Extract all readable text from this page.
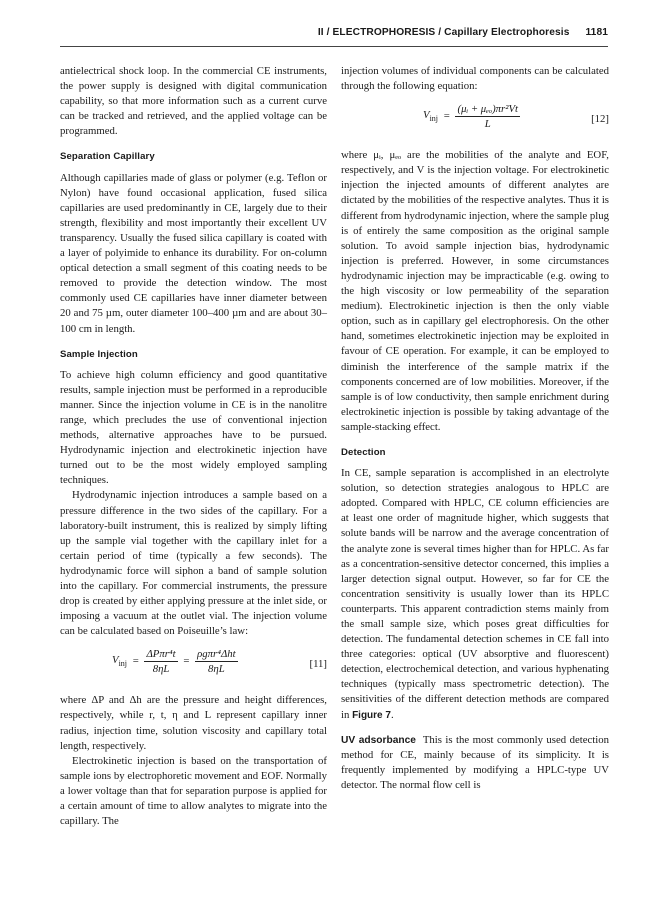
II / ELECTROPHORESIS / Capillary Electrophoresis 1181

antielectrical shock loop. In the commercial CE instruments, the power supply is designed with digital communication capability, so that more information such as a current curve can be tracked and retrieved, and the applied voltage can be programmed.

Separation Capillary

Although capillaries made of glass or polymer (e.g. Teflon or Nylon) have found occasional application, fused silica capillaries are used predominantly in CE, largely due to their strength, flexibility and most importantly their excellent UV transparency. Usually the fused silica capillary is coated with a layer of polyimide to enhance its durability. For on-column optical detection a small segment of this coating needs to be removed to provide the detection window. The most commonly used CE capillaries have inner diameter between 20 and 75 µm, outer diameter 100–400 µm and are about 30–100 cm in length.

Sample Injection

To achieve high column efficiency and good quantitative results, sample injection must be performed in a reproducible manner. Since the injection volume in CE is in the nanolitre range, which precludes the use of conventional injection methods, alternative approaches have to be pursued. Hydrodynamic injection and electrokinetic injection have turned out to be the most widely employed sampling techniques.

Hydrodynamic injection introduces a sample based on a pressure difference in the two sides of the capillary. For a laboratory-built instrument, this is realized by simply lifting up the sample vial together with the capillary inlet for a certain period of time (typically a few seconds). The hydrodynamic force will siphon a band of sample solution into the capillary. For commercial instruments, the pressure drop is created by either applying pressure at the inlet side, or imposing a vacuum at the outlet vial. The injection volume can be calculated based on Poiseuille’s law:

$V_{inj} = \frac{\text{ΔPπr⁴t}}{8\eta L} = \frac{\text{ρgπr⁴Δht}}{8\eta L}$	[11]

where ΔP and Δh are the pressure and height differences, respectively, while r, t, η and L represent capillary inner radius, injection time, solution viscosity and capillary total length, respectively.

Electrokinetic injection is based on the transportation of sample ions by electrophoretic movement and EOF. Normally a lower voltage than that for separation purpose is applied for a certain amount of time to allow analytes to migrate into the capillary. The

injection volumes of individual components can be calculated through the following equation:

$V_{inj} = \frac{\text{(μᵢ + μₑₒ)πr²Vt}}{L}$	[12]

where μᵢ, μₑₒ are the mobilities of the analyte and EOF, respectively, and V is the injection voltage. For electrokinetic injection the injected amounts of different analytes are dictated by the mobilities of the respective analytes. Thus it is different from hydrodynamic injection, where the sample plug is of entirely the same composition as the original sample solution. To avoid sample injection bias, hydrodynamic injection is preferred. However, in some circumstances hydrodynamic injection may be impracticable (e.g. owing to the high viscosity or low permeability of the separation medium). Electrokinetic injection is then the only viable option, such as in capillary gel electrophoresis. On the other hand, sometimes electrokinetic injection may be exploited in favour of CE operation. For example, it can be employed to diminish the interference of the sample matrix if the components concerned are of low mobilities. Moreover, if the sample is of low conductivity, then sample enrichment during electrokinetic injection is possible by taking advantage of the sample-stacking effect.

Detection

In CE, sample separation is accomplished in an electrolyte solution, so detection strategies analogous to HPLC are adopted. Compared with HPLC, CE column efficiencies are at least one order of magnitude higher, which suggests that solute bands will be narrow and the average concentration of the analyte zone is several times higher than for HPLC. As far as a concentration-sensitive detector concerned, this implies a larger detection signal output. However, so far for CE the concentration sensitivity is usually lower than its HPLC counterparts. This apparent contradiction stems mainly from the small sample size, which poses great difficulties for detection. The fundamental detection schemes in CE fall into three categories: optical (UV absorptive and fluorescent) detection, electrochemical detection, and various hyphenating techniques (typically mass spectrometric detection). The sensitivities of the different detection methods are compared in Figure 7.

UV adsorbance This is the most commonly used detection method for CE, mainly because of its simplicity. It is frequently implemented by modifying a HPLC-type UV detector. The normal flow cell is
